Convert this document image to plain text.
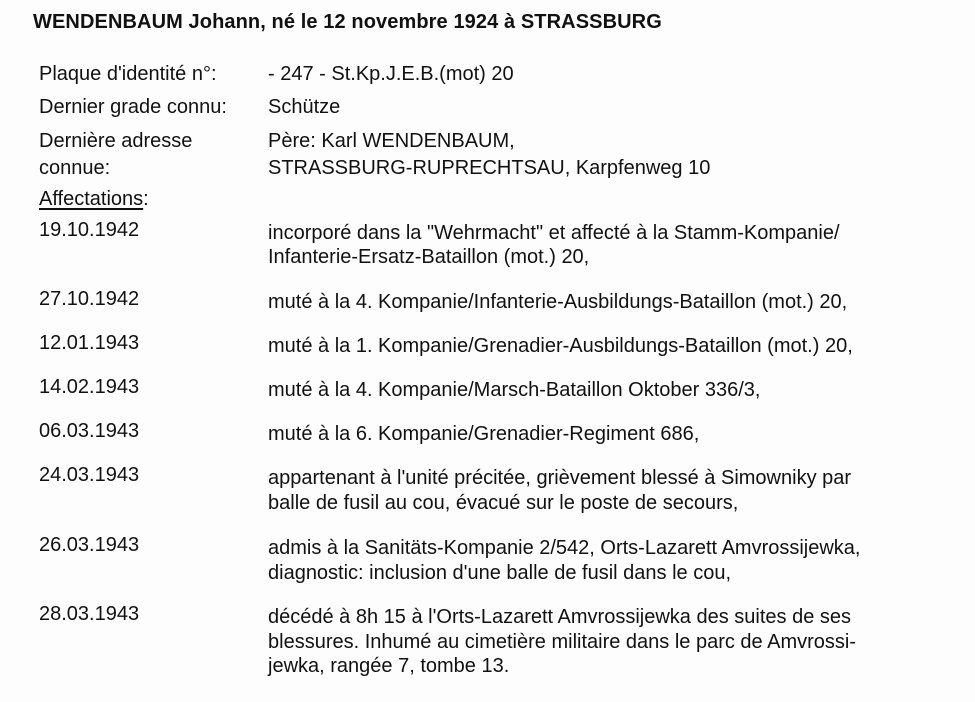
WENDENBAUM Johann, né le 12 novembre 1924 à STRASSBURG
Plaque d'identité n°:	- 247 - St.Kp.J.E.B.(mot) 20
Dernier grade connu: Schütze
Dernière adresse
connue:
Père: Karl WENDENBAUM,
STRASSBURG-RUPRECHTSAU, Karpfenweg 10
Affectations:
19.10.1942	incorporé dans la "Wehrmacht" et affecté à la Stamm-Kompanie/
Infanterie-Ersatz-Bataillon (mot.) 20,
27.10.1942	muté à la 4. Kompanie/Infanterie-Ausbildungs-Bataillon (mot.) 20,
12.01.1943	muté à la 1. Kompanie/Grenadier-Ausbildungs-Bataillon (mot.) 20,
14.02.1943	muté à la 4. Kompanie/Marsch-Bataillon Oktober 336/3,
06.03.1943	muté à la 6. Kompanie/Grenadier-Regiment 686,
24.03.1943	appartenant à l'unité précitée, grièvement blessé à Simowniky par
balle de fusil au cou, évacué sur le poste de secours,
26.03.1943	admis à la Sanitäts-Kompanie 2/542, Orts-Lazarett Amvrossijewka,
diagnostic: inclusion d'une balle de fusil dans le cou,
28.03.1943	décédé à 8h 15 à l'Orts-Lazarett Amvrossijewka des suites de ses
blessures. Inhumé au cimetière militaire dans le parc de Amvrossi-
jewka, rangée 7, tombe 13.
